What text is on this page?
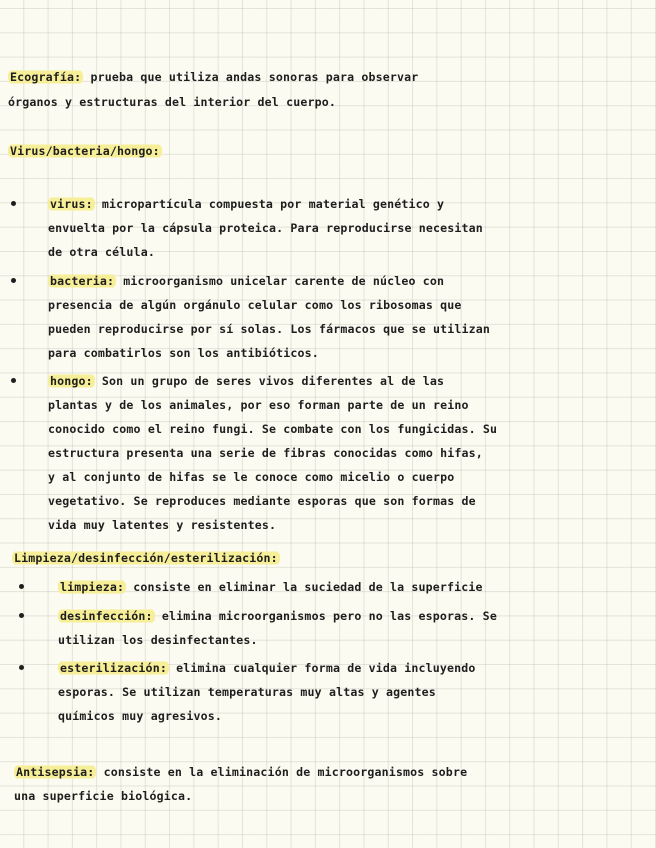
Ecografía: prueba que utiliza andas sonoras para observar
órganos y estructuras del interior del cuerpo.
Virus/bacteria/hongo:
virus: micropartícula compuesta por material genético y
envuelta por la cápsula proteica. Para reproducirse necesitan
de otra célula.
bacteria: microorganismo unicelar carente de núcleo con
presencia de algún orgánulo celular como los ribosomas que
pueden reproducirse por sí solas. Los fármacos que se utilizan
para combatirlos son los antibióticos.
hongo: Son un grupo de seres vivos diferentes al de las
plantas y de los animales, por eso forman parte de un reino
conocido como el reino fungi. Se combate con los fungicidas. Su
estructura presenta una serie de fibras conocidas como hifas,
y al conjunto de hifas se le conoce como micelio o cuerpo
vegetativo. Se reproduces mediante esporas que son formas de
vida muy latentes y resistentes.
Limpieza/desinfección/esterilización:
limpieza: consiste en eliminar la suciedad de la superficie
desinfección: elimina microorganismos pero no las esporas. Se
utilizan los desinfectantes.
esterilización: elimina cualquier forma de vida incluyendo
esporas. Se utilizan temperaturas muy altas y agentes
químicos muy agresivos.
Antisepsia: consiste en la eliminación de microorganismos sobre
una superficie biológica.
